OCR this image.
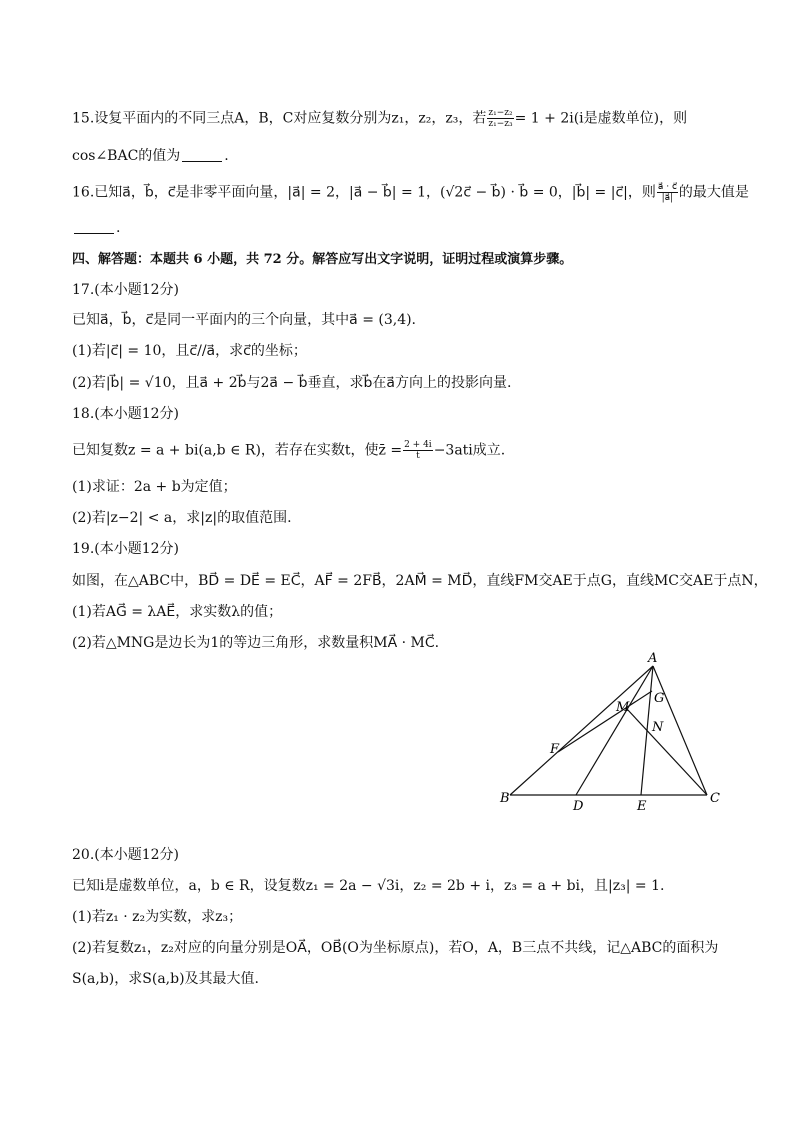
15.设复平面内的不同三点A，B，C对应复数分别为z₁，z₂，z₃，若 $\frac{\text{z₁−z₂}}{\text{z₁−z₃}} = 1 + 2i(i$是虚数单位)，则
cos∠BAC的值为	.
16.已知a⃗，b⃗，c⃗是非零平面向量，|a⃗| = 2，|a⃗ − b⃗| = 1，(√2c⃗ − b⃗) · b⃗ = 0，|b⃗| = |c⃗|，则 $\frac{a⃗ \cdot c⃗}{|a⃗|}$ 的最大值是
.
四、解答题：本题共 6 小题，共 72 分。解答应写出文字说明，证明过程或演算步骤。
17.(本小题12分)
已知a⃗，b⃗，c⃗是同一平面内的三个向量，其中a⃗ = (3,4).
(1)若|c⃗| = 10，且c⃗//a⃗，求c⃗的坐标；
(2)若|b⃗| = √10，且a⃗ + 2b⃗与2a⃗ − b⃗垂直，求b⃗在a⃗方向上的投影向量.
18.(本小题12分)
已知复数z = a + bi(a,b ∈ R)，若存在实数t，使z̄ = $\frac{2 + 4i}{t} -3ati$成立.
(1)求证：2a + b为定值；
(2)若|z−2| < a，求|z|的取值范围.
19.(本小题12分)
如图，在△ABC中，BD⃗ = DE⃗ = EC⃗，AF⃗ = 2FB⃗，2AM⃗ = MD⃗，直线FM交AE于点G，直线MC交AE于点N，
(1)若AG⃗ = λAE⃗，求实数λ的值；
(2)若△MNG是边长为1的等边三角形，求数量积MA⃗ · MC⃗.
A
G
M
N
F
B
D	E
C
20.(本小题12分)
已知i是虚数单位，a，b ∈ R，设复数z₁ = 2a − √3i，z₂ = 2b + i，z₃ = a + bi，且|z₃| = 1.
(1)若z₁ · z₂为实数，求z₃；
(2)若复数z₁，z₂对应的向量分别是OA⃗，OB⃗(O为坐标原点)，若O，A，B三点不共线，记△ABC的面积为
S(a,b)，求S(a,b)及其最大值.
